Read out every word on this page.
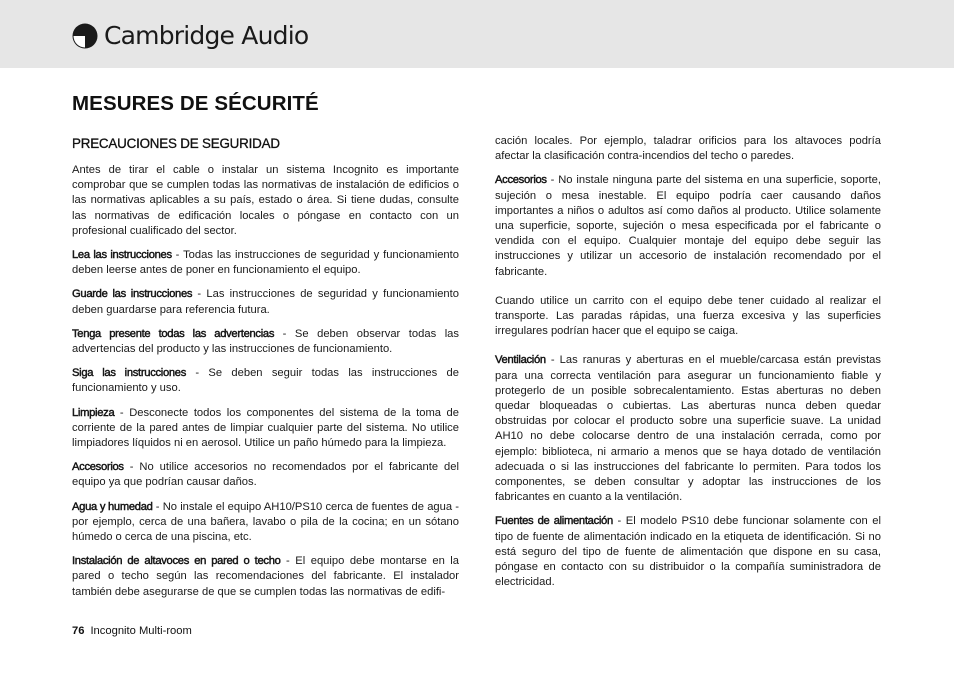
Cambridge Audio
MESURES DE SÉCURITÉ
PRECAUCIONES DE SEGURIDAD

Antes de tirar el cable o instalar un sistema Incognito es importante comprobar que se cumplen todas las normativas de instalación de edificios o las normativas aplicables a su país, estado o área. Si tiene dudas, consulte las normativas de edificación locales o póngase en contacto con un profesional cualificado del sector.

Lea las instrucciones - Todas las instrucciones de seguridad y funcionamiento deben leerse antes de poner en funcionamiento el equipo.

Guarde las instrucciones - Las instrucciones de seguridad y funcionamiento deben guardarse para referencia futura.

Tenga presente todas las advertencias - Se deben observar todas las advertencias del producto y las instrucciones de funcionamiento.

Siga las instrucciones - Se deben seguir todas las instrucciones de funcionamiento y uso.

Limpieza - Desconecte todos los componentes del sistema de la toma de corriente de la pared antes de limpiar cualquier parte del sistema. No utilice limpiadores líquidos ni en aerosol. Utilice un paño húmedo para la limpieza.

Accesorios - No utilice accesorios no recomendados por el fabricante del equipo ya que podrían causar daños.

Agua y humedad - No instale el equipo AH10/PS10 cerca de fuentes de agua - por ejemplo, cerca de una bañera, lavabo o pila de la cocina; en un sótano húmedo o cerca de una piscina, etc.

Instalación de altavoces en pared o techo - El equipo debe montarse en la pared o techo según las recomendaciones del fabricante. El instalador también debe asegurarse de que se cumplen todas las normativas de edifi-

cación locales. Por ejemplo, taladrar orificios para los altavoces podría afectar la clasificación contra-incendios del techo o paredes.

Accesorios - No instale ninguna parte del sistema en una superficie, soporte, sujeción o mesa inestable. El equipo podría caer causando daños importantes a niños o adultos así como daños al producto. Utilice solamente una superficie, soporte, sujeción o mesa especificada por el fabricante o vendida con el equipo. Cualquier montaje del equipo debe seguir las instrucciones y utilizar un accesorio de instalación recomendado por el fabricante.

Cuando utilice un carrito con el equipo debe tener cuidado al realizar el transporte. Las paradas rápidas, una fuerza excesiva y las superficies irregulares podrían hacer que el equipo se caiga.

Ventilación - Las ranuras y aberturas en el mueble/carcasa están previstas para una correcta ventilación para asegurar un funcionamiento fiable y protegerlo de un posible sobrecalentamiento. Estas aberturas no deben quedar bloqueadas o cubiertas. Las aberturas nunca deben quedar obstruidas por colocar el producto sobre una superficie suave. La unidad AH10 no debe colocarse dentro de una instalación cerrada, como por ejemplo: biblioteca, ni armario a menos que se haya dotado de ventilación adecuada o si las instrucciones del fabricante lo permiten. Para todos los componentes, se deben consultar y adoptar las instrucciones de los fabricantes en cuanto a la ventilación.

Fuentes de alimentación - El modelo PS10 debe funcionar solamente con el tipo de fuente de alimentación indicado en la etiqueta de identificación. Si no está seguro del tipo de fuente de alimentación que dispone en su casa, póngase en contacto con su distribuidor o la compañía suministradora de electricidad.

76 Incognito Multi-room
